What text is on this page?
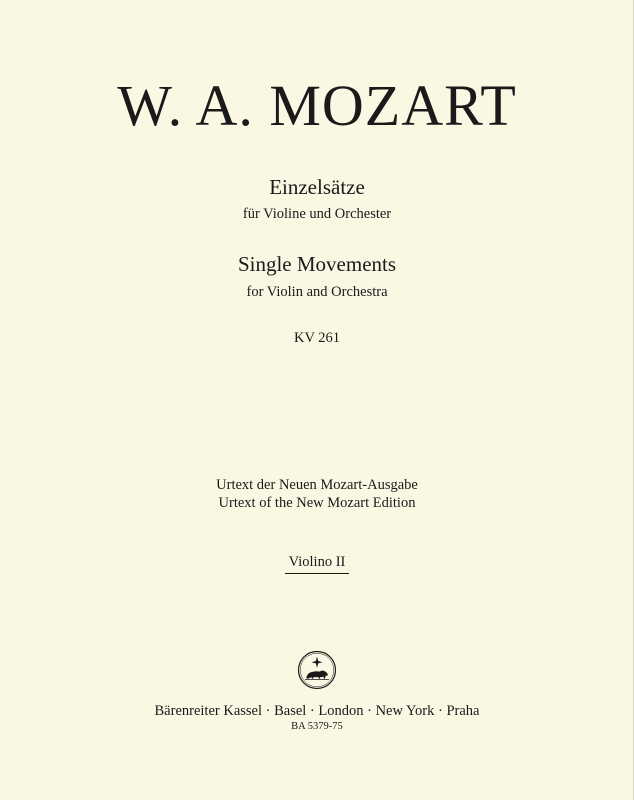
W. A. MOZART
Einzelsätze
für Violine und Orchester
Single Movements
for Violin and Orchestra
KV 261
Urtext der Neuen Mozart-Ausgabe
Urtext of the New Mozart Edition
Violino II
Bärenreiter Kassel · Basel · London · New York · Praha
BA 5379-75
